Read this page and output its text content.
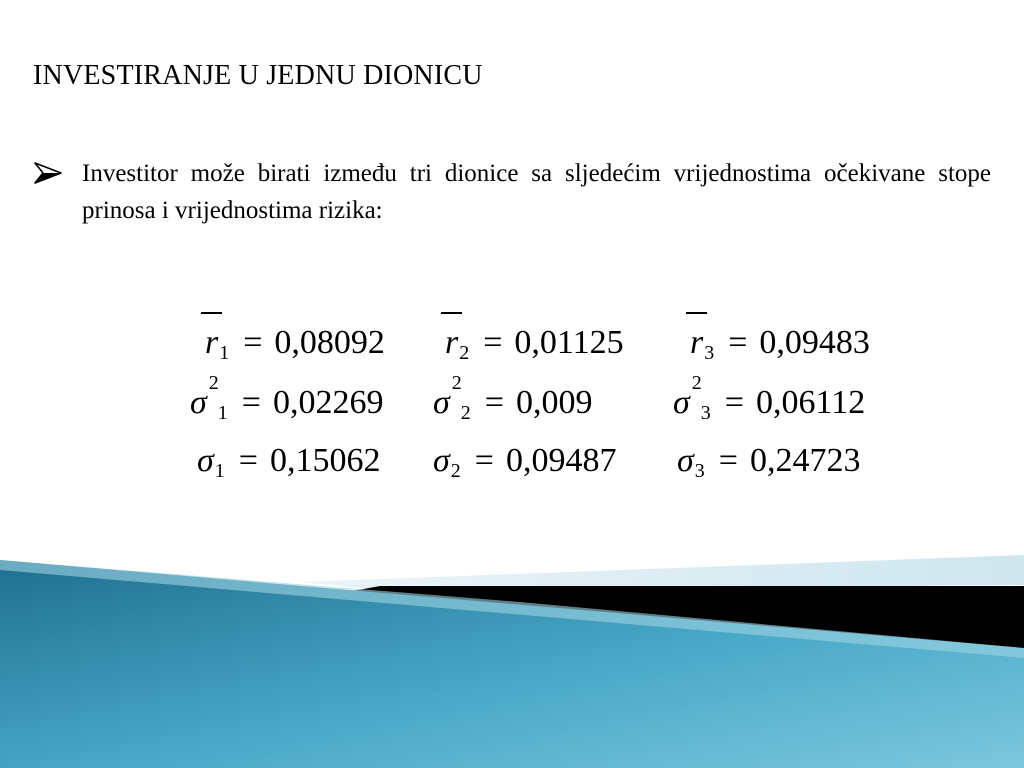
INVESTIRANJE U JEDNU DIONICU
Investitor može birati između tri dionice sa sljedećim vrijednostima očekivane stope prinosa i vrijednostima rizika:
r 1 = 0,08092 r 2 = 0,01125 r 3 = 0,09483
σ
2
1 = 0,02269 σ
2
2 = 0,009 σ
2
3 = 0,06112
σ 1 = 0,15062 σ 2 = 0,09487 σ 3 = 0,24723
